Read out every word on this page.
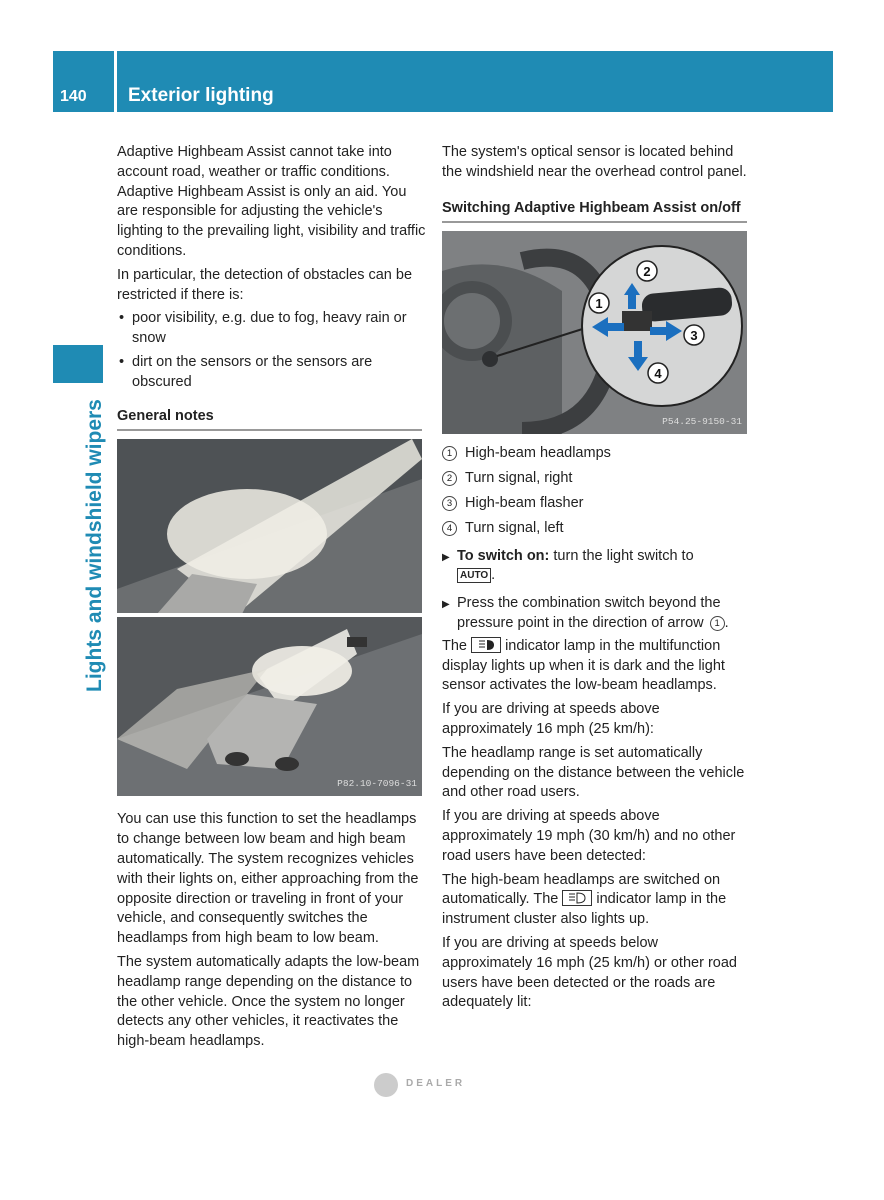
140 Exterior lighting
Lights and windshield wipers

Adaptive Highbeam Assist cannot take into account road, weather or traffic conditions. Adaptive Highbeam Assist is only an aid. You are responsible for adjusting the vehicle's lighting to the prevailing light, visibility and traffic conditions.

In particular, the detection of obstacles can be restricted if there is:

• poor visibility, e.g. due to fog, heavy rain or snow
• dirt on the sensors or the sensors are obscured
General notes
P82.10-7096-31

You can use this function to set the headlamps to change between low beam and high beam automatically. The system recognizes vehicles with their lights on, either approaching from the opposite direction or traveling in front of your vehicle, and consequently switches the headlamps from high beam to low beam.

The system automatically adapts the low-beam headlamp range depending on the distance to the other vehicle. Once the system no longer detects any other vehicles, it reactivates the high-beam headlamps.

The system's optical sensor is located behind the windshield near the overhead control panel.

Switching Adaptive Highbeam Assist on/off
1
2
3
4
P54.25-9150-31
1 High-beam headlamps
2 Turn signal, right
3 High-beam flasher
4 Turn signal, left
▶ To switch on: turn the light switch to
AUTO .
▶ Press the combination switch beyond the pressure point in the direction of arrow 1 .

The	indicator lamp in the multifunction display lights up when it is dark and the light sensor activates the low-beam headlamps.

If you are driving at speeds above approximately 16 mph (25 km/h):

The headlamp range is set automatically depending on the distance between the vehicle and other road users.

If you are driving at speeds above approximately 19 mph (30 km/h) and no other road users have been detected:

The high-beam headlamps are switched on automatically. The	indicator lamp in the instrument cluster also lights up.

If you are driving at speeds below approximately 16 mph (25 km/h) or other road users have been detected or the roads are adequately lit:

DEALER
